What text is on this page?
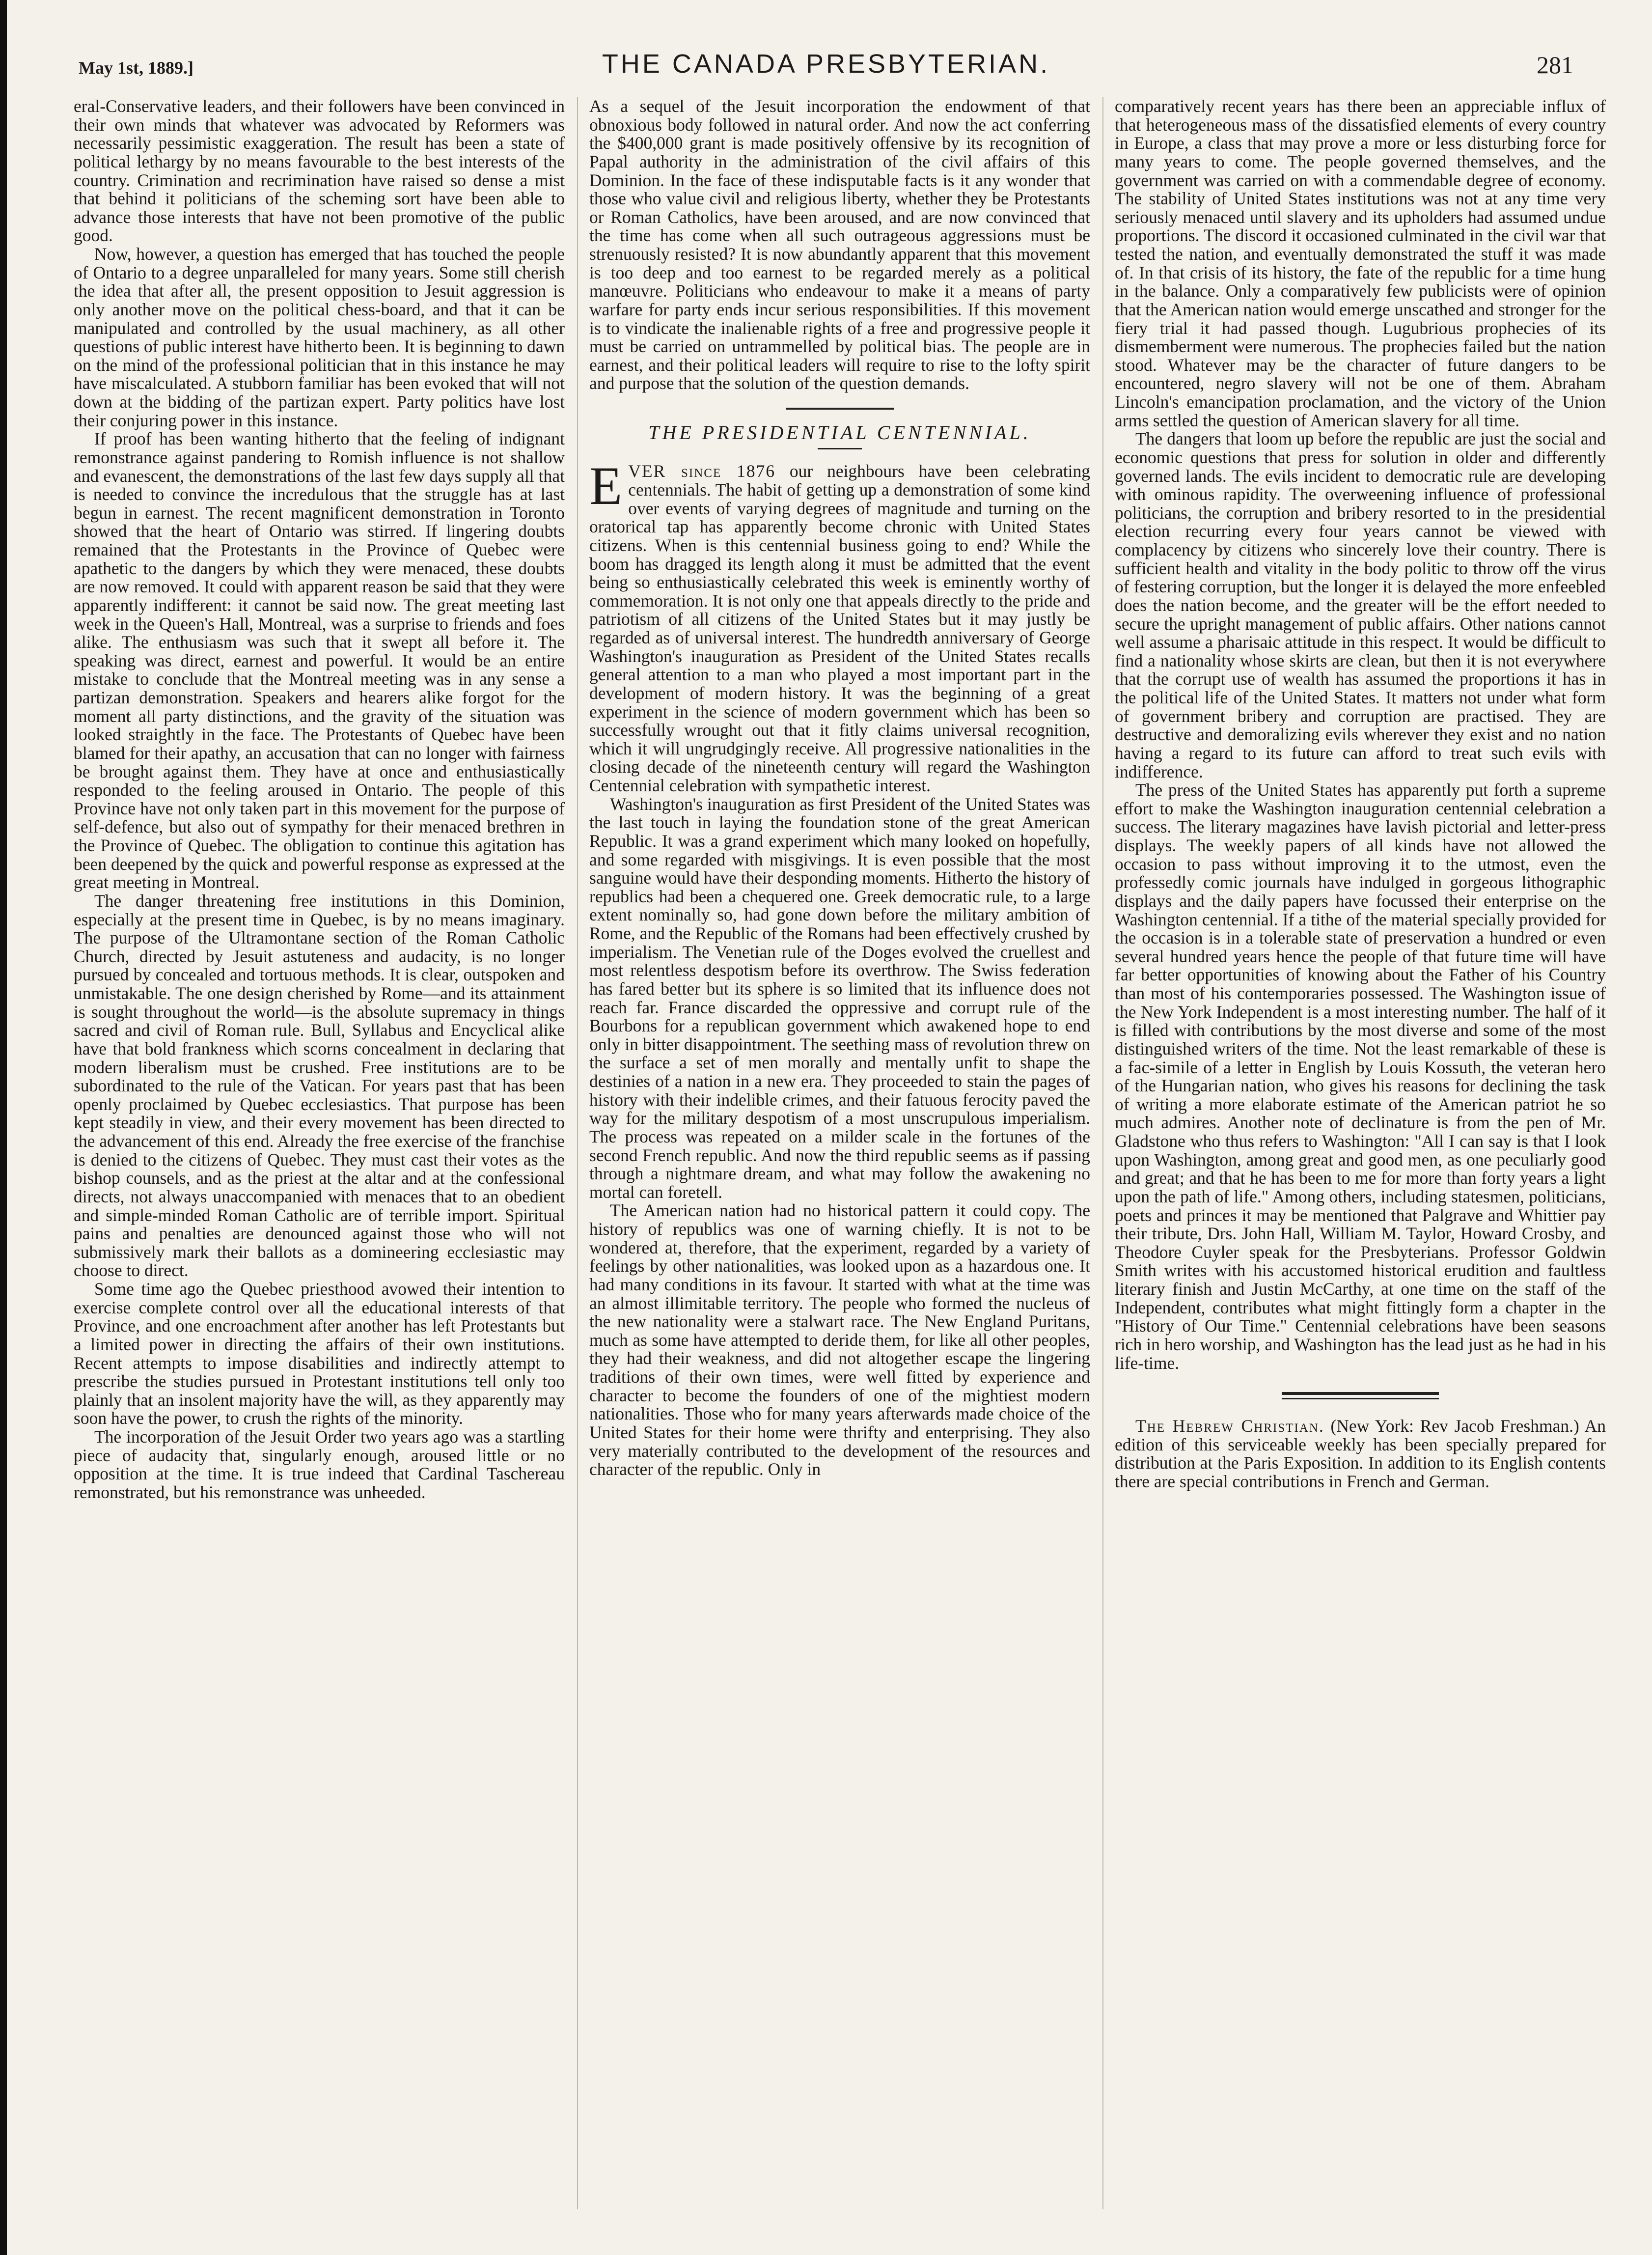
May 1st, 1889.]	THE CANADA PRESBYTERIAN.	281

eral-Conservative leaders, and their followers have been convinced in their own minds that whatever was advocated by Reformers was necessarily pessimistic exaggeration. The result has been a state of political lethargy by no means favourable to the best interests of the country. Crimination and recrimination have raised so dense a mist that behind it politicians of the scheming sort have been able to advance those interests that have not been promotive of the public good.

Now, however, a question has emerged that has touched the people of Ontario to a degree unparalleled for many years. Some still cherish the idea that after all, the present opposition to Jesuit aggression is only another move on the political chess-board, and that it can be manipulated and controlled by the usual machinery, as all other questions of public interest have hitherto been. It is beginning to dawn on the mind of the professional politician that in this instance he may have miscalculated. A stubborn familiar has been evoked that will not down at the bidding of the partizan expert. Party politics have lost their conjuring power in this instance.

If proof has been wanting hitherto that the feeling of indignant remonstrance against pandering to Romish influence is not shallow and evanescent, the demonstrations of the last few days supply all that is needed to convince the incredulous that the struggle has at last begun in earnest. The recent magnificent demonstration in Toronto showed that the heart of Ontario was stirred. If lingering doubts remained that the Protestants in the Province of Quebec were apathetic to the dangers by which they were menaced, these doubts are now removed. It could with apparent reason be said that they were apparently indifferent: it cannot be said now. The great meeting last week in the Queen's Hall, Montreal, was a surprise to friends and foes alike. The enthusiasm was such that it swept all before it. The speaking was direct, earnest and powerful. It would be an entire mistake to conclude that the Montreal meeting was in any sense a partizan demonstration. Speakers and hearers alike forgot for the moment all party distinctions, and the gravity of the situation was looked straightly in the face. The Protestants of Quebec have been blamed for their apathy, an accusation that can no longer with fairness be brought against them. They have at once and enthusiastically responded to the feeling aroused in Ontario. The people of this Province have not only taken part in this movement for the purpose of self-defence, but also out of sympathy for their menaced brethren in the Province of Quebec. The obligation to continue this agitation has been deepened by the quick and powerful response as expressed at the great meeting in Montreal.

The danger threatening free institutions in this Dominion, especially at the present time in Quebec, is by no means imaginary. The purpose of the Ultramontane section of the Roman Catholic Church, directed by Jesuit astuteness and audacity, is no longer pursued by concealed and tortuous methods. It is clear, outspoken and unmistakable. The one design cherished by Rome—and its attainment is sought throughout the world—is the absolute supremacy in things sacred and civil of Roman rule. Bull, Syllabus and Encyclical alike have that bold frankness which scorns concealment in declaring that modern liberalism must be crushed. Free institutions are to be subordinated to the rule of the Vatican. For years past that has been openly proclaimed by Quebec ecclesiastics. That purpose has been kept steadily in view, and their every movement has been directed to the advancement of this end. Already the free exercise of the franchise is denied to the citizens of Quebec. They must cast their votes as the bishop counsels, and as the priest at the altar and at the confessional directs, not always unaccompanied with menaces that to an obedient and simple-minded Roman Catholic are of terrible import. Spiritual pains and penalties are denounced against those who will not submissively mark their ballots as a domineering ecclesiastic may choose to direct.

Some time ago the Quebec priesthood avowed their intention to exercise complete control over all the educational interests of that Province, and one encroachment after another has left Protestants but a limited power in directing the affairs of their own institutions. Recent attempts to impose disabilities and indirectly attempt to prescribe the studies pursued in Protestant institutions tell only too plainly that an insolent majority have the will, as they apparently may soon have the power, to crush the rights of the minority.

The incorporation of the Jesuit Order two years ago was a startling piece of audacity that, singularly enough, aroused little or no opposition at the time. It is true indeed that Cardinal Taschereau remonstrated, but his remonstrance was unheeded.

As a sequel of the Jesuit incorporation the endowment of that obnoxious body followed in natural order. And now the act conferring the $400,000 grant is made positively offensive by its recognition of Papal authority in the administration of the civil affairs of this Dominion. In the face of these indisputable facts is it any wonder that those who value civil and religious liberty, whether they be Protestants or Roman Catholics, have been aroused, and are now convinced that the time has come when all such outrageous aggressions must be strenuously resisted? It is now abundantly apparent that this movement is too deep and too earnest to be regarded merely as a political manœuvre. Politicians who endeavour to make it a means of party warfare for party ends incur serious responsibilities. If this movement is to vindicate the inalienable rights of a free and progressive people it must be carried on untrammelled by political bias. The people are in earnest, and their political leaders will require to rise to the lofty spirit and purpose that the solution of the question demands.

THE PRESIDENTIAL CENTENNIAL.

EVER since 1876 our neighbours have been celebrating centennials. The habit of getting up a demonstration of some kind over events of varying degrees of magnitude and turning on the oratorical tap has apparently become chronic with United States citizens. When is this centennial business going to end? While the boom has dragged its length along it must be admitted that the event being so enthusiastically celebrated this week is eminently worthy of commemoration. It is not only one that appeals directly to the pride and patriotism of all citizens of the United States but it may justly be regarded as of universal interest. The hundredth anniversary of George Washington's inauguration as President of the United States recalls general attention to a man who played a most important part in the development of modern history. It was the beginning of a great experiment in the science of modern government which has been so successfully wrought out that it fitly claims universal recognition, which it will ungrudgingly receive. All progressive nationalities in the closing decade of the nineteenth century will regard the Washington Centennial celebration with sympathetic interest.

Washington's inauguration as first President of the United States was the last touch in laying the foundation stone of the great American Republic. It was a grand experiment which many looked on hopefully, and some regarded with misgivings. It is even possible that the most sanguine would have their desponding moments. Hitherto the history of republics had been a chequered one. Greek democratic rule, to a large extent nominally so, had gone down before the military ambition of Rome, and the Republic of the Romans had been effectively crushed by imperialism. The Venetian rule of the Doges evolved the cruellest and most relentless despotism before its overthrow. The Swiss federation has fared better but its sphere is so limited that its influence does not reach far. France discarded the oppressive and corrupt rule of the Bourbons for a republican government which awakened hope to end only in bitter disappointment. The seething mass of revolution threw on the surface a set of men morally and mentally unfit to shape the destinies of a nation in a new era. They proceeded to stain the pages of history with their indelible crimes, and their fatuous ferocity paved the way for the military despotism of a most unscrupulous imperialism. The process was repeated on a milder scale in the fortunes of the second French republic. And now the third republic seems as if passing through a nightmare dream, and what may follow the awakening no mortal can foretell.

The American nation had no historical pattern it could copy. The history of republics was one of warning chiefly. It is not to be wondered at, therefore, that the experiment, regarded by a variety of feelings by other nationalities, was looked upon as a hazardous one. It had many conditions in its favour. It started with what at the time was an almost illimitable territory. The people who formed the nucleus of the new nationality were a stalwart race. The New England Puritans, much as some have attempted to deride them, for like all other peoples, they had their weakness, and did not altogether escape the lingering traditions of their own times, were well fitted by experience and character to become the founders of one of the mightiest modern nationalities. Those who for many years afterwards made choice of the United States for their home were thrifty and enterprising. They also very materially contributed to the development of the resources and character of the republic. Only in

comparatively recent years has there been an appreciable influx of that heterogeneous mass of the dissatisfied elements of every country in Europe, a class that may prove a more or less disturbing force for many years to come. The people governed themselves, and the government was carried on with a commendable degree of economy. The stability of United States institutions was not at any time very seriously menaced until slavery and its upholders had assumed undue proportions. The discord it occasioned culminated in the civil war that tested the nation, and eventually demonstrated the stuff it was made of. In that crisis of its history, the fate of the republic for a time hung in the balance. Only a comparatively few publicists were of opinion that the American nation would emerge unscathed and stronger for the fiery trial it had passed though. Lugubrious prophecies of its dismemberment were numerous. The prophecies failed but the nation stood. Whatever may be the character of future dangers to be encountered, negro slavery will not be one of them. Abraham Lincoln's emancipation proclamation, and the victory of the Union arms settled the question of American slavery for all time.

The dangers that loom up before the republic are just the social and economic questions that press for solution in older and differently governed lands. The evils incident to democratic rule are developing with ominous rapidity. The overweening influence of professional politicians, the corruption and bribery resorted to in the presidential election recurring every four years cannot be viewed with complacency by citizens who sincerely love their country. There is sufficient health and vitality in the body politic to throw off the virus of festering corruption, but the longer it is delayed the more enfeebled does the nation become, and the greater will be the effort needed to secure the upright management of public affairs. Other nations cannot well assume a pharisaic attitude in this respect. It would be difficult to find a nationality whose skirts are clean, but then it is not everywhere that the corrupt use of wealth has assumed the proportions it has in the political life of the United States. It matters not under what form of government bribery and corruption are practised. They are destructive and demoralizing evils wherever they exist and no nation having a regard to its future can afford to treat such evils with indifference.

The press of the United States has apparently put forth a supreme effort to make the Washington inauguration centennial celebration a success. The literary magazines have lavish pictorial and letter-press displays. The weekly papers of all kinds have not allowed the occasion to pass without improving it to the utmost, even the professedly comic journals have indulged in gorgeous lithographic displays and the daily papers have focussed their enterprise on the Washington centennial. If a tithe of the material specially provided for the occasion is in a tolerable state of preservation a hundred or even several hundred years hence the people of that future time will have far better opportunities of knowing about the Father of his Country than most of his contemporaries possessed. The Washington issue of the New York Independent is a most interesting number. The half of it is filled with contributions by the most diverse and some of the most distinguished writers of the time. Not the least remarkable of these is a fac-simile of a letter in English by Louis Kossuth, the veteran hero of the Hungarian nation, who gives his reasons for declining the task of writing a more elaborate estimate of the American patriot he so much admires. Another note of declinature is from the pen of Mr. Gladstone who thus refers to Washington: "All I can say is that I look upon Washington, among great and good men, as one peculiarly good and great; and that he has been to me for more than forty years a light upon the path of life." Among others, including statesmen, politicians, poets and princes it may be mentioned that Palgrave and Whittier pay their tribute, Drs. John Hall, William M. Taylor, Howard Crosby, and Theodore Cuyler speak for the Presbyterians. Professor Goldwin Smith writes with his accustomed historical erudition and faultless literary finish and Justin McCarthy, at one time on the staff of the Independent, contributes what might fittingly form a chapter in the "History of Our Time." Centennial celebrations have been seasons rich in hero worship, and Washington has the lead just as he had in his life-time.

The Hebrew Christian. (New York: Rev Jacob Freshman.) An edition of this serviceable weekly has been specially prepared for distribution at the Paris Exposition. In addition to its English contents there are special contributions in French and German.
